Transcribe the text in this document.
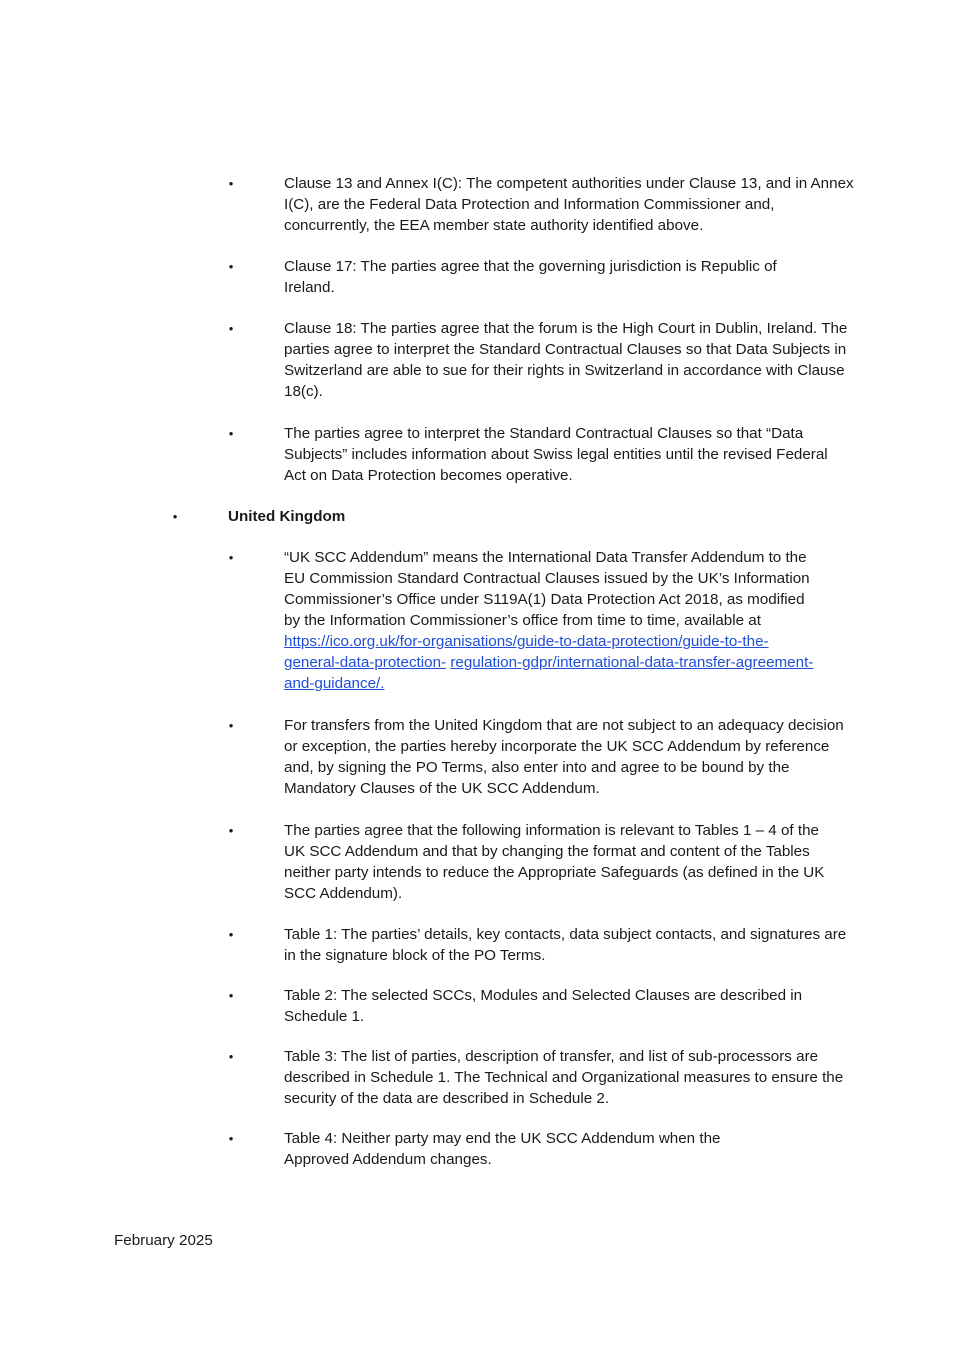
•	Clause 13 and Annex I(C): The competent authorities under Clause 13, and in Annex I(C), are the Federal Data Protection and Information Commissioner and, concurrently, the EEA member state authority identified above.

•	Clause 17: The parties agree that the governing jurisdiction is Republic of Ireland.

•	Clause 18: The parties agree that the forum is the High Court in Dublin, Ireland. The parties agree to interpret the Standard Contractual Clauses so that Data Subjects in Switzerland are able to sue for their rights in Switzerland in accordance with Clause 18(c).

•	The parties agree to interpret the Standard Contractual Clauses so that “Data Subjects” includes information about Swiss legal entities until the revised Federal Act on Data Protection becomes operative.

•	United Kingdom
•	“UK SCC Addendum” means the International Data Transfer Addendum to the EU Commission Standard Contractual Clauses issued by the UK’s Information Commissioner’s Office under S119A(1) Data Protection Act 2018, as modified by the Information Commissioner’s office from time to time, available at https://ico.org.uk/for-organisations/guide-to-data-protection/guide-to-the-general-data-protection- regulation-gdpr/international-data-transfer-agreement-and-guidance/.

•	For transfers from the United Kingdom that are not subject to an adequacy decision or exception, the parties hereby incorporate the UK SCC Addendum by reference and, by signing the PO Terms, also enter into and agree to be bound by the Mandatory Clauses of the UK SCC Addendum.

•	The parties agree that the following information is relevant to Tables 1 – 4 of the UK SCC Addendum and that by changing the format and content of the Tables neither party intends to reduce the Appropriate Safeguards (as defined in the UK SCC Addendum).

•	Table 1: The parties’ details, key contacts, data subject contacts, and signatures are in the signature block of the PO Terms.

•	Table 2: The selected SCCs, Modules and Selected Clauses are described in Schedule 1.

•	Table 3: The list of parties, description of transfer, and list of sub-processors are described in Schedule 1. The Technical and Organizational measures to ensure the security of the data are described in Schedule 2.

•	Table 4: Neither party may end the UK SCC Addendum when the Approved Addendum changes.

February 2025
